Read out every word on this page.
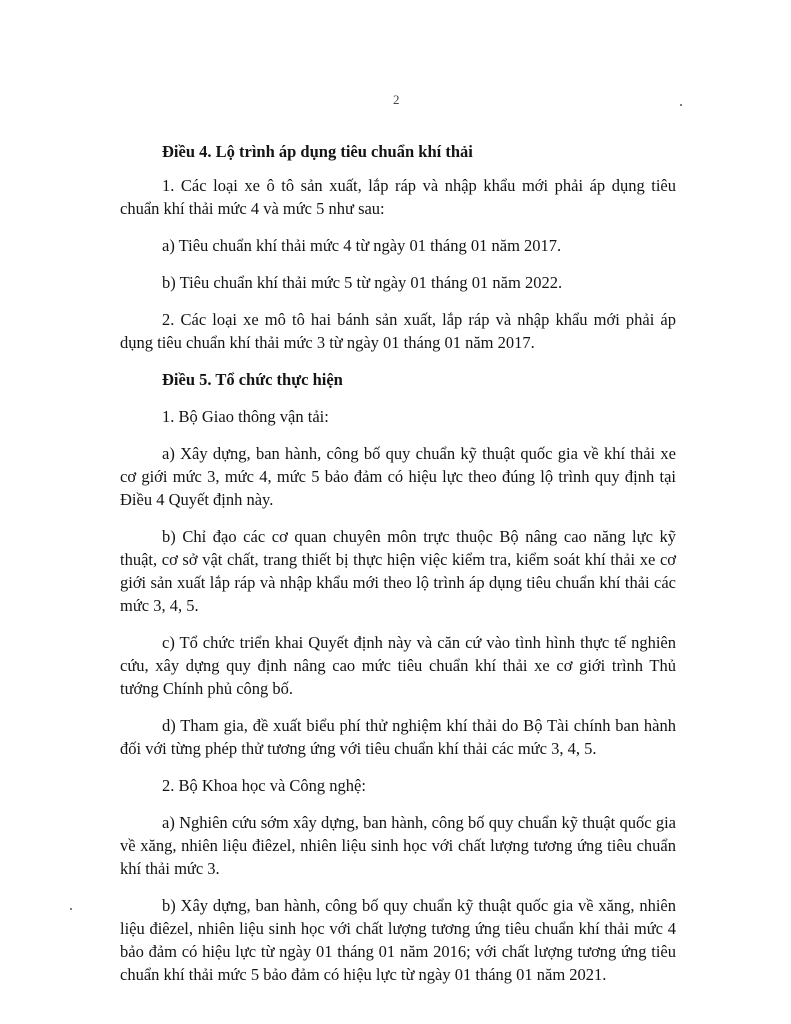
2

Điều 4. Lộ trình áp dụng tiêu chuẩn khí thải

1. Các loại xe ô tô sản xuất, lắp ráp và nhập khẩu mới phải áp dụng tiêu chuẩn khí thải mức 4 và mức 5 như sau:

a) Tiêu chuẩn khí thải mức 4 từ ngày 01 tháng 01 năm 2017.

b) Tiêu chuẩn khí thải mức 5 từ ngày 01 tháng 01 năm 2022.

2. Các loại xe mô tô hai bánh sản xuất, lắp ráp và nhập khẩu mới phải áp dụng tiêu chuẩn khí thải mức 3 từ ngày 01 tháng 01 năm 2017.

Điều 5. Tổ chức thực hiện

1. Bộ Giao thông vận tải:

a) Xây dựng, ban hành, công bố quy chuẩn kỹ thuật quốc gia về khí thải xe cơ giới mức 3, mức 4, mức 5 bảo đảm có hiệu lực theo đúng lộ trình quy định tại Điều 4 Quyết định này.

b) Chỉ đạo các cơ quan chuyên môn trực thuộc Bộ nâng cao năng lực kỹ thuật, cơ sở vật chất, trang thiết bị thực hiện việc kiểm tra, kiểm soát khí thải xe cơ giới sản xuất lắp ráp và nhập khẩu mới theo lộ trình áp dụng tiêu chuẩn khí thải các mức 3, 4, 5.

c) Tổ chức triển khai Quyết định này và căn cứ vào tình hình thực tế nghiên cứu, xây dựng quy định nâng cao mức tiêu chuẩn khí thải xe cơ giới trình Thủ tướng Chính phủ công bố.

d) Tham gia, đề xuất biểu phí thử nghiệm khí thải do Bộ Tài chính ban hành đối với từng phép thử tương ứng với tiêu chuẩn khí thải các mức 3, 4, 5.

2. Bộ Khoa học và Công nghệ:

a) Nghiên cứu sớm xây dựng, ban hành, công bố quy chuẩn kỹ thuật quốc gia về xăng, nhiên liệu điêzel, nhiên liệu sinh học với chất lượng tương ứng tiêu chuẩn khí thải mức 3.

b) Xây dựng, ban hành, công bố quy chuẩn kỹ thuật quốc gia về xăng, nhiên liệu điêzel, nhiên liệu sinh học với chất lượng tương ứng tiêu chuẩn khí thải mức 4 bảo đảm có hiệu lực từ ngày 01 tháng 01 năm 2016; với chất lượng tương ứng tiêu chuẩn khí thải mức 5 bảo đảm có hiệu lực từ ngày 01 tháng 01 năm 2021.
